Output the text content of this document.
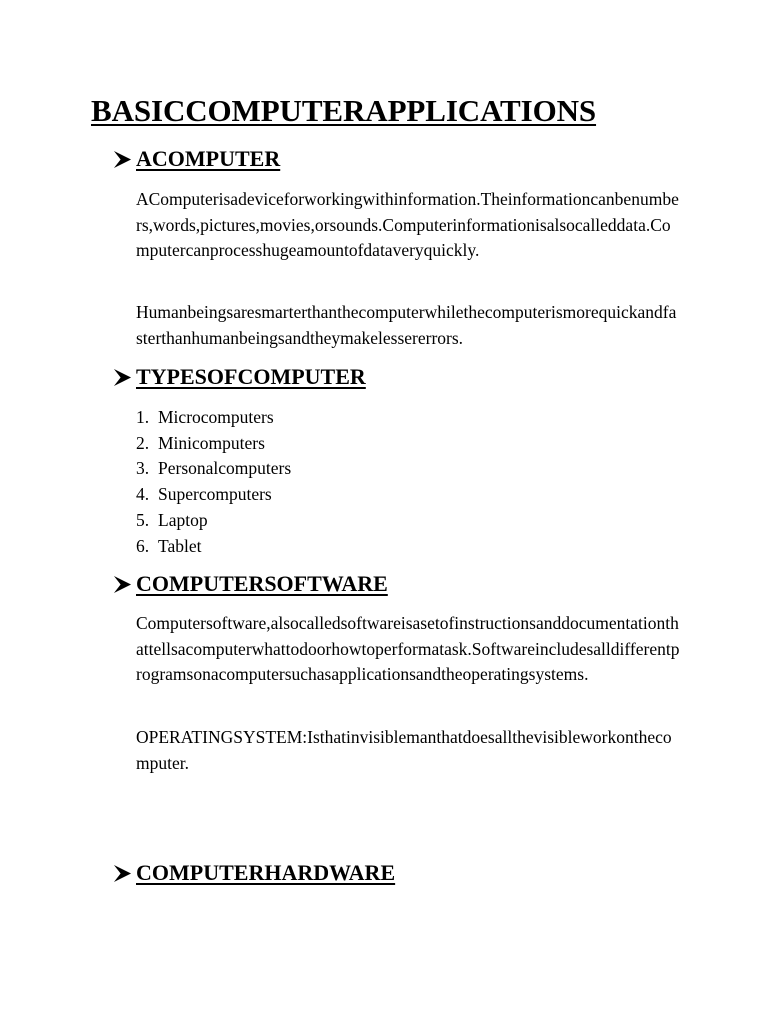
BASICCOMPUTERAPPLICATIONS
ACOMPUTER

AComputerisadeviceforworkingwithinformation.Theinformationcanbenumbers,words,pictures,movies,orsounds.Computerinformationisalsocalleddata.Computercanprocesshugeamountofdataveryquickly.

Humanbeingsaresmarterthanthecomputerwhilethecomputerismorequickandfasterthanhumanbeingsandtheymakelessererrors.

TYPESOFCOMPUTER
1. Microcomputers
2. Minicomputers
3. Personalcomputers
4. Supercomputers
5. Laptop
6. Tablet
COMPUTERSOFTWARE

Computersoftware,alsocalledsoftwareisasetofinstructionsanddocumentationthattellsacomputerwhattodoorhowtoperformatask.Softwareincludesalldifferentprogramsonacomputersuchasapplicationsandtheoperatingsystems.

OPERATINGSYSTEM:Isthatinvisiblemanthatdoesallthevisibleworkonthecomputer.

COMPUTERHARDWARE
